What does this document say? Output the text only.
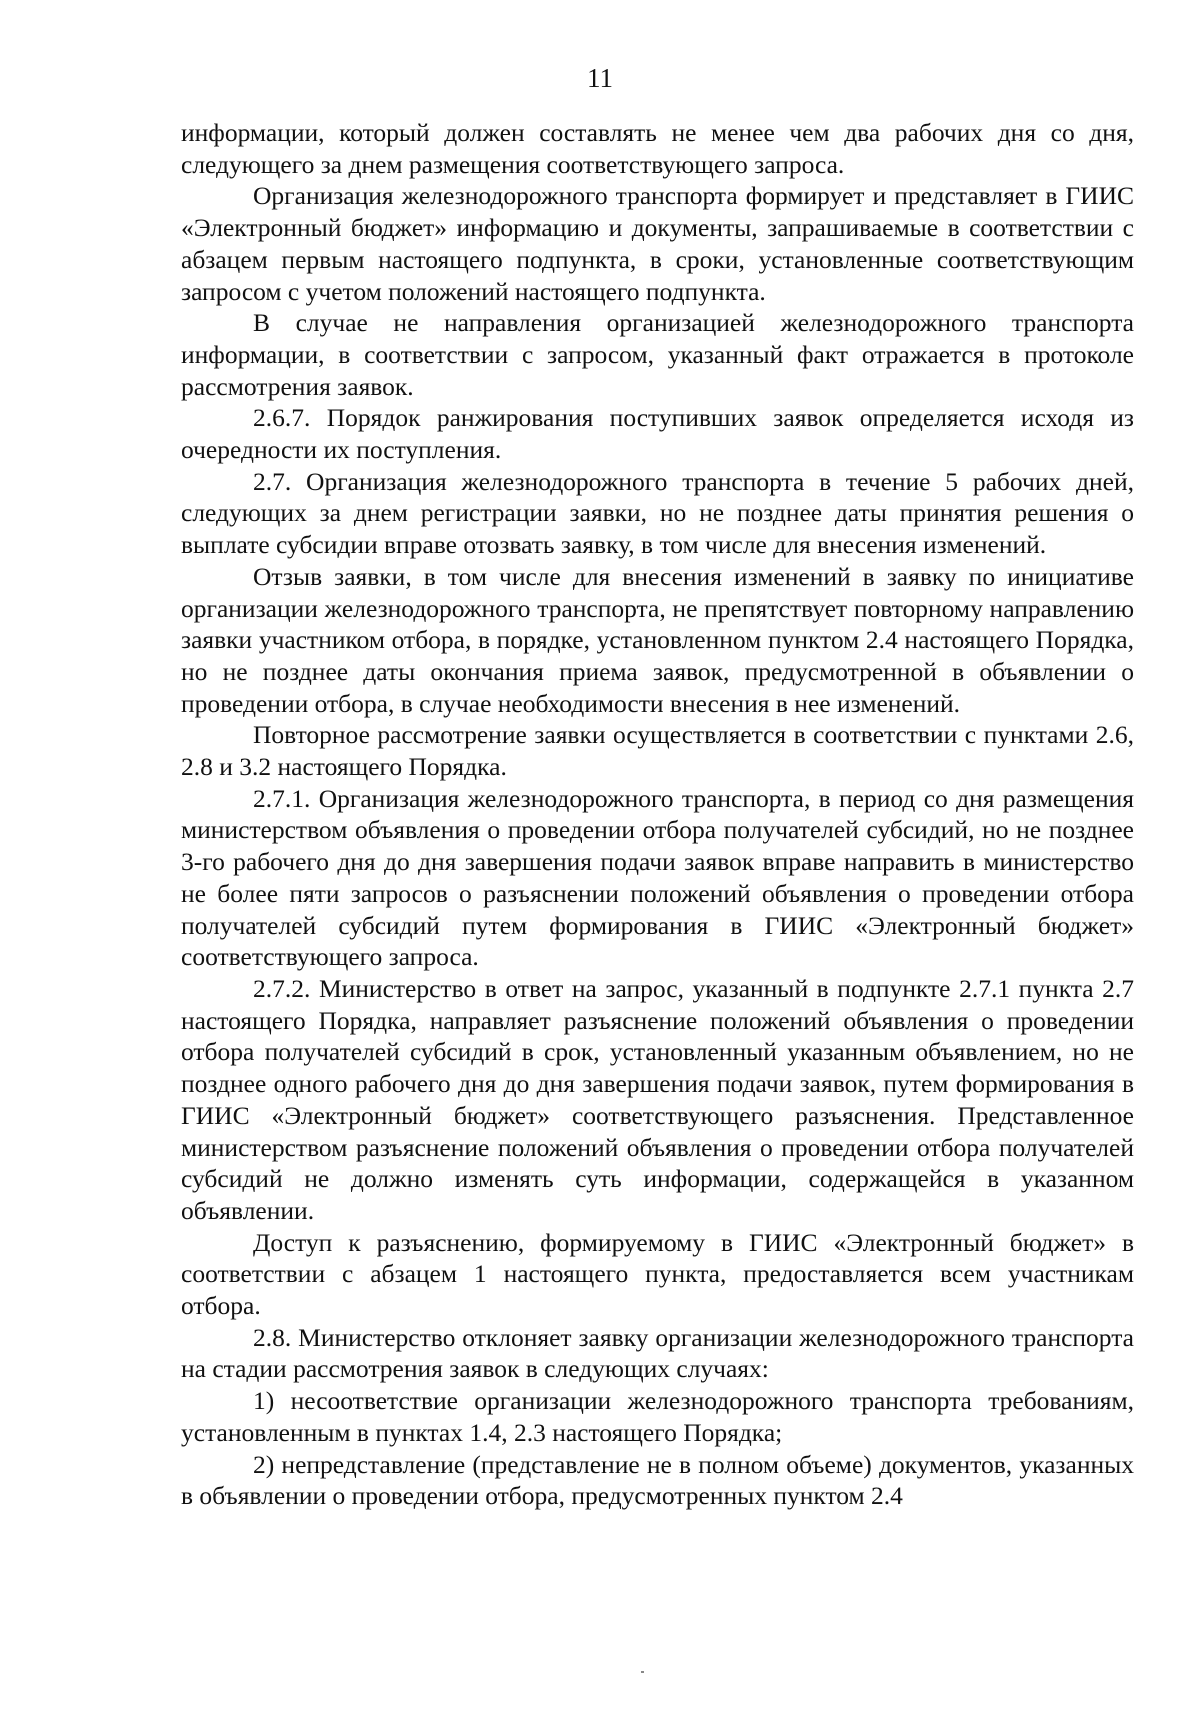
11

информации, который должен составлять не менее чем два рабочих дня со дня, следующего за днем размещения соответствующего запроса.

Организация железнодорожного транспорта формирует и представляет в ГИИС «Электронный бюджет» информацию и документы, запрашиваемые в соответствии с абзацем первым настоящего подпункта, в сроки, установленные соответствующим запросом с учетом положений настоящего подпункта.

В случае не направления организацией железнодорожного транспорта информации, в соответствии с запросом, указанный факт отражается в протоколе рассмотрения заявок.

2.6.7. Порядок ранжирования поступивших заявок определяется исходя из очередности их поступления.

2.7. Организация железнодорожного транспорта в течение 5 рабочих дней, следующих за днем регистрации заявки, но не позднее даты принятия решения о выплате субсидии вправе отозвать заявку, в том числе для внесения изменений.

Отзыв заявки, в том числе для внесения изменений в заявку по инициативе организации железнодорожного транспорта, не препятствует повторному направлению заявки участником отбора, в порядке, установленном пунктом 2.4 настоящего Порядка, но не позднее даты окончания приема заявок, предусмотренной в объявлении о проведении отбора, в случае необходимости внесения в нее изменений.

Повторное рассмотрение заявки осуществляется в соответствии с пунктами 2.6, 2.8 и 3.2 настоящего Порядка.

2.7.1. Организация железнодорожного транспорта, в период со дня размещения министерством объявления о проведении отбора получателей субсидий, но не позднее 3-го рабочего дня до дня завершения подачи заявок вправе направить в министерство не более пяти запросов о разъяснении положений объявления о проведении отбора получателей субсидий путем формирования в ГИИС «Электронный бюджет» соответствующего запроса.

2.7.2. Министерство в ответ на запрос, указанный в подпункте 2.7.1 пункта 2.7 настоящего Порядка, направляет разъяснение положений объявления о проведении отбора получателей субсидий в срок, установленный указанным объявлением, но не позднее одного рабочего дня до дня завершения подачи заявок, путем формирования в ГИИС «Электронный бюджет» соответствующего разъяснения. Представленное министерством разъяснение положений объявления о проведении отбора получателей субсидий не должно изменять суть информации, содержащейся в указанном объявлении.

Доступ к разъяснению, формируемому в ГИИС «Электронный бюджет» в соответствии с абзацем 1 настоящего пункта, предоставляется всем участникам отбора.

2.8. Министерство отклоняет заявку организации железнодорожного транспорта на стадии рассмотрения заявок в следующих случаях:

1) несоответствие организации железнодорожного транспорта требованиям, установленным в пунктах 1.4, 2.3 настоящего Порядка;

2) непредставление (представление не в полном объеме) документов, указанных в объявлении о проведении отбора, предусмотренных пунктом 2.4
